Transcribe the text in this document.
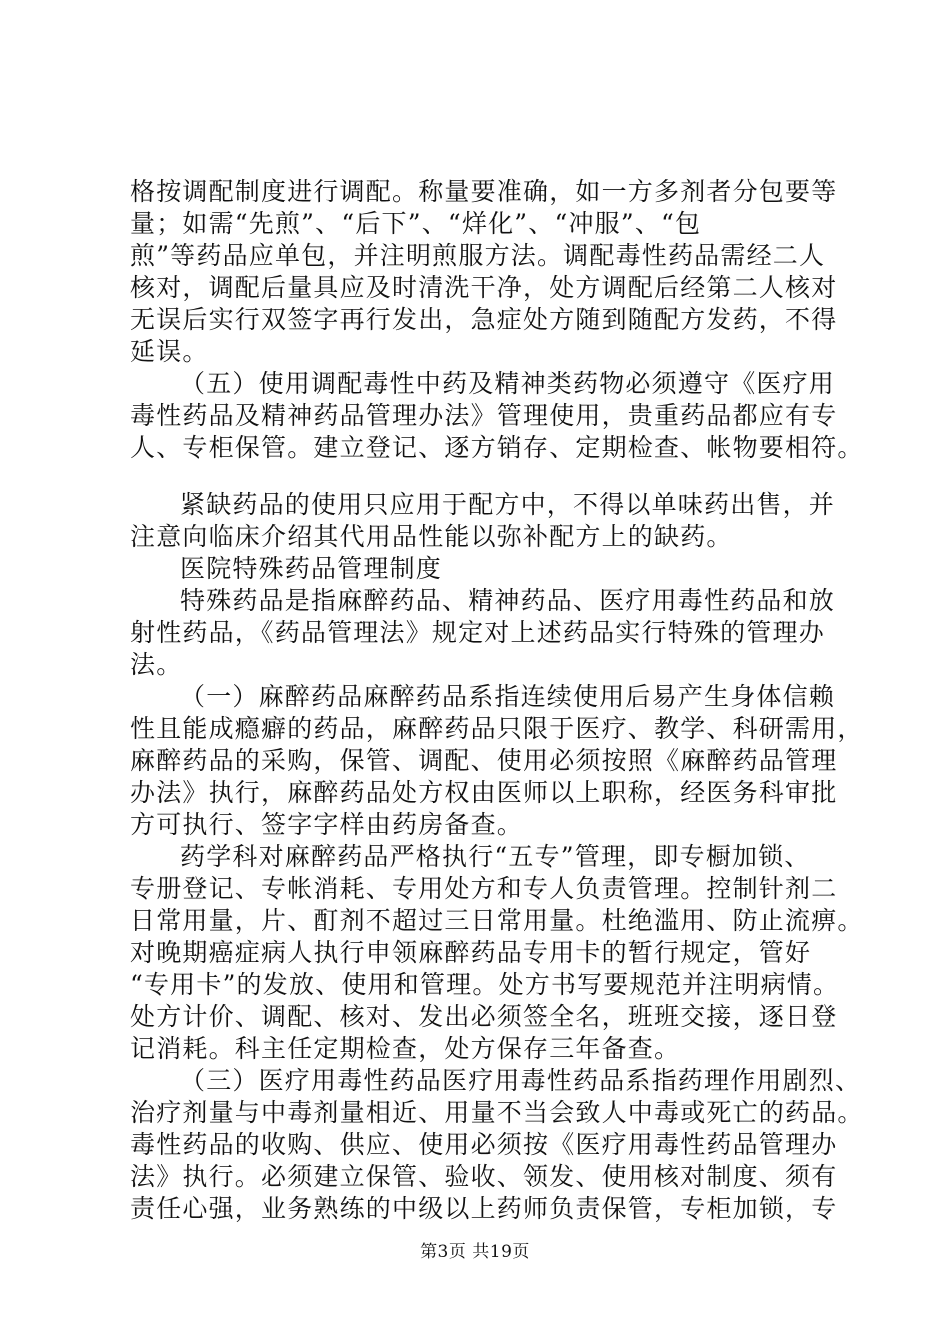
格按调配制度进行调配。称量要准确，如一方多剂者分包要等

量；如需“先煎”、“后下”、“烊化”、“冲服”、“包

煎”等药品应单包，并注明煎服方法。调配毒性药品需经二人

核对，调配后量具应及时清洗干净，处方调配后经第二人核对

无误后实行双签字再行发出，急症处方随到随配方发药，不得

延误。

（五）使用调配毒性中药及精神类药物必须遵守《医疗用

毒性药品及精神药品管理办法》管理使用，贵重药品都应有专

人、专柜保管。建立登记、逐方销存、定期检查、帐物要相符。

紧缺药品的使用只应用于配方中，不得以单味药出售，并

注意向临床介绍其代用品性能以弥补配方上的缺药。

医院特殊药品管理制度

特殊药品是指麻醉药品、精神药品、医疗用毒性药品和放

射性药品，《药品管理法》规定对上述药品实行特殊的管理办

法。

（一）麻醉药品麻醉药品系指连续使用后易产生身体信赖

性且能成瘾癖的药品，麻醉药品只限于医疗、教学、科研需用，

麻醉药品的采购，保管、调配、使用必须按照《麻醉药品管理

办法》执行，麻醉药品处方权由医师以上职称，经医务科审批

方可执行、签字字样由药房备查。

药学科对麻醉药品严格执行“五专”管理，即专橱加锁、

专册登记、专帐消耗、专用处方和专人负责管理。控制针剂二

日常用量，片、酊剂不超过三日常用量。杜绝滥用、防止流痹。

对晚期癌症病人执行申领麻醉药品专用卡的暂行规定，管好

“专用卡”的发放、使用和管理。处方书写要规范并注明病情。

处方计价、调配、核对、发出必须签全名，班班交接，逐日登

记消耗。科主任定期检查，处方保存三年备查。

（三）医疗用毒性药品医疗用毒性药品系指药理作用剧烈、

治疗剂量与中毒剂量相近、用量不当会致人中毒或死亡的药品。

毒性药品的收购、供应、使用必须按《医疗用毒性药品管理办

法》执行。必须建立保管、验收、领发、使用核对制度、须有

责任心强，业务熟练的中级以上药师负责保管，专柜加锁，专

第3页 共19页
